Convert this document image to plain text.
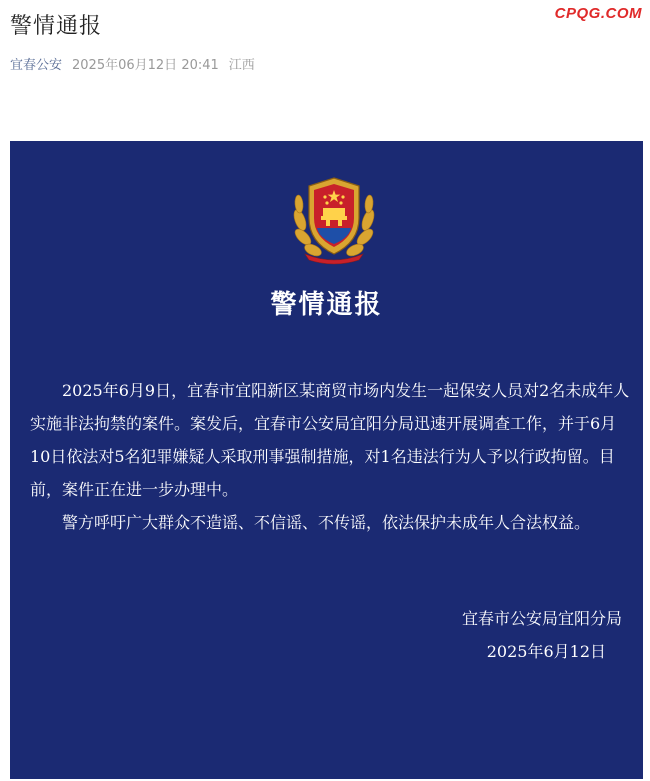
警情通报
CPQG.COM
宜春公安 2025年06月12日 20:41 江西
警情通报

2025年6月9日，宜春市宜阳新区某商贸市场内发生一起保安人员对2名未成年人实施非法拘禁的案件。案发后，宜春市公安局宜阳分局迅速开展调查工作，并于6月10日依法对5名犯罪嫌疑人采取刑事强制措施，对1名违法行为人予以行政拘留。目前，案件正在进一步办理中。

警方呼吁广大群众不造谣、不信谣、不传谣，依法保护未成年人合法权益。

宜春市公安局宜阳分局
2025年6月12日
